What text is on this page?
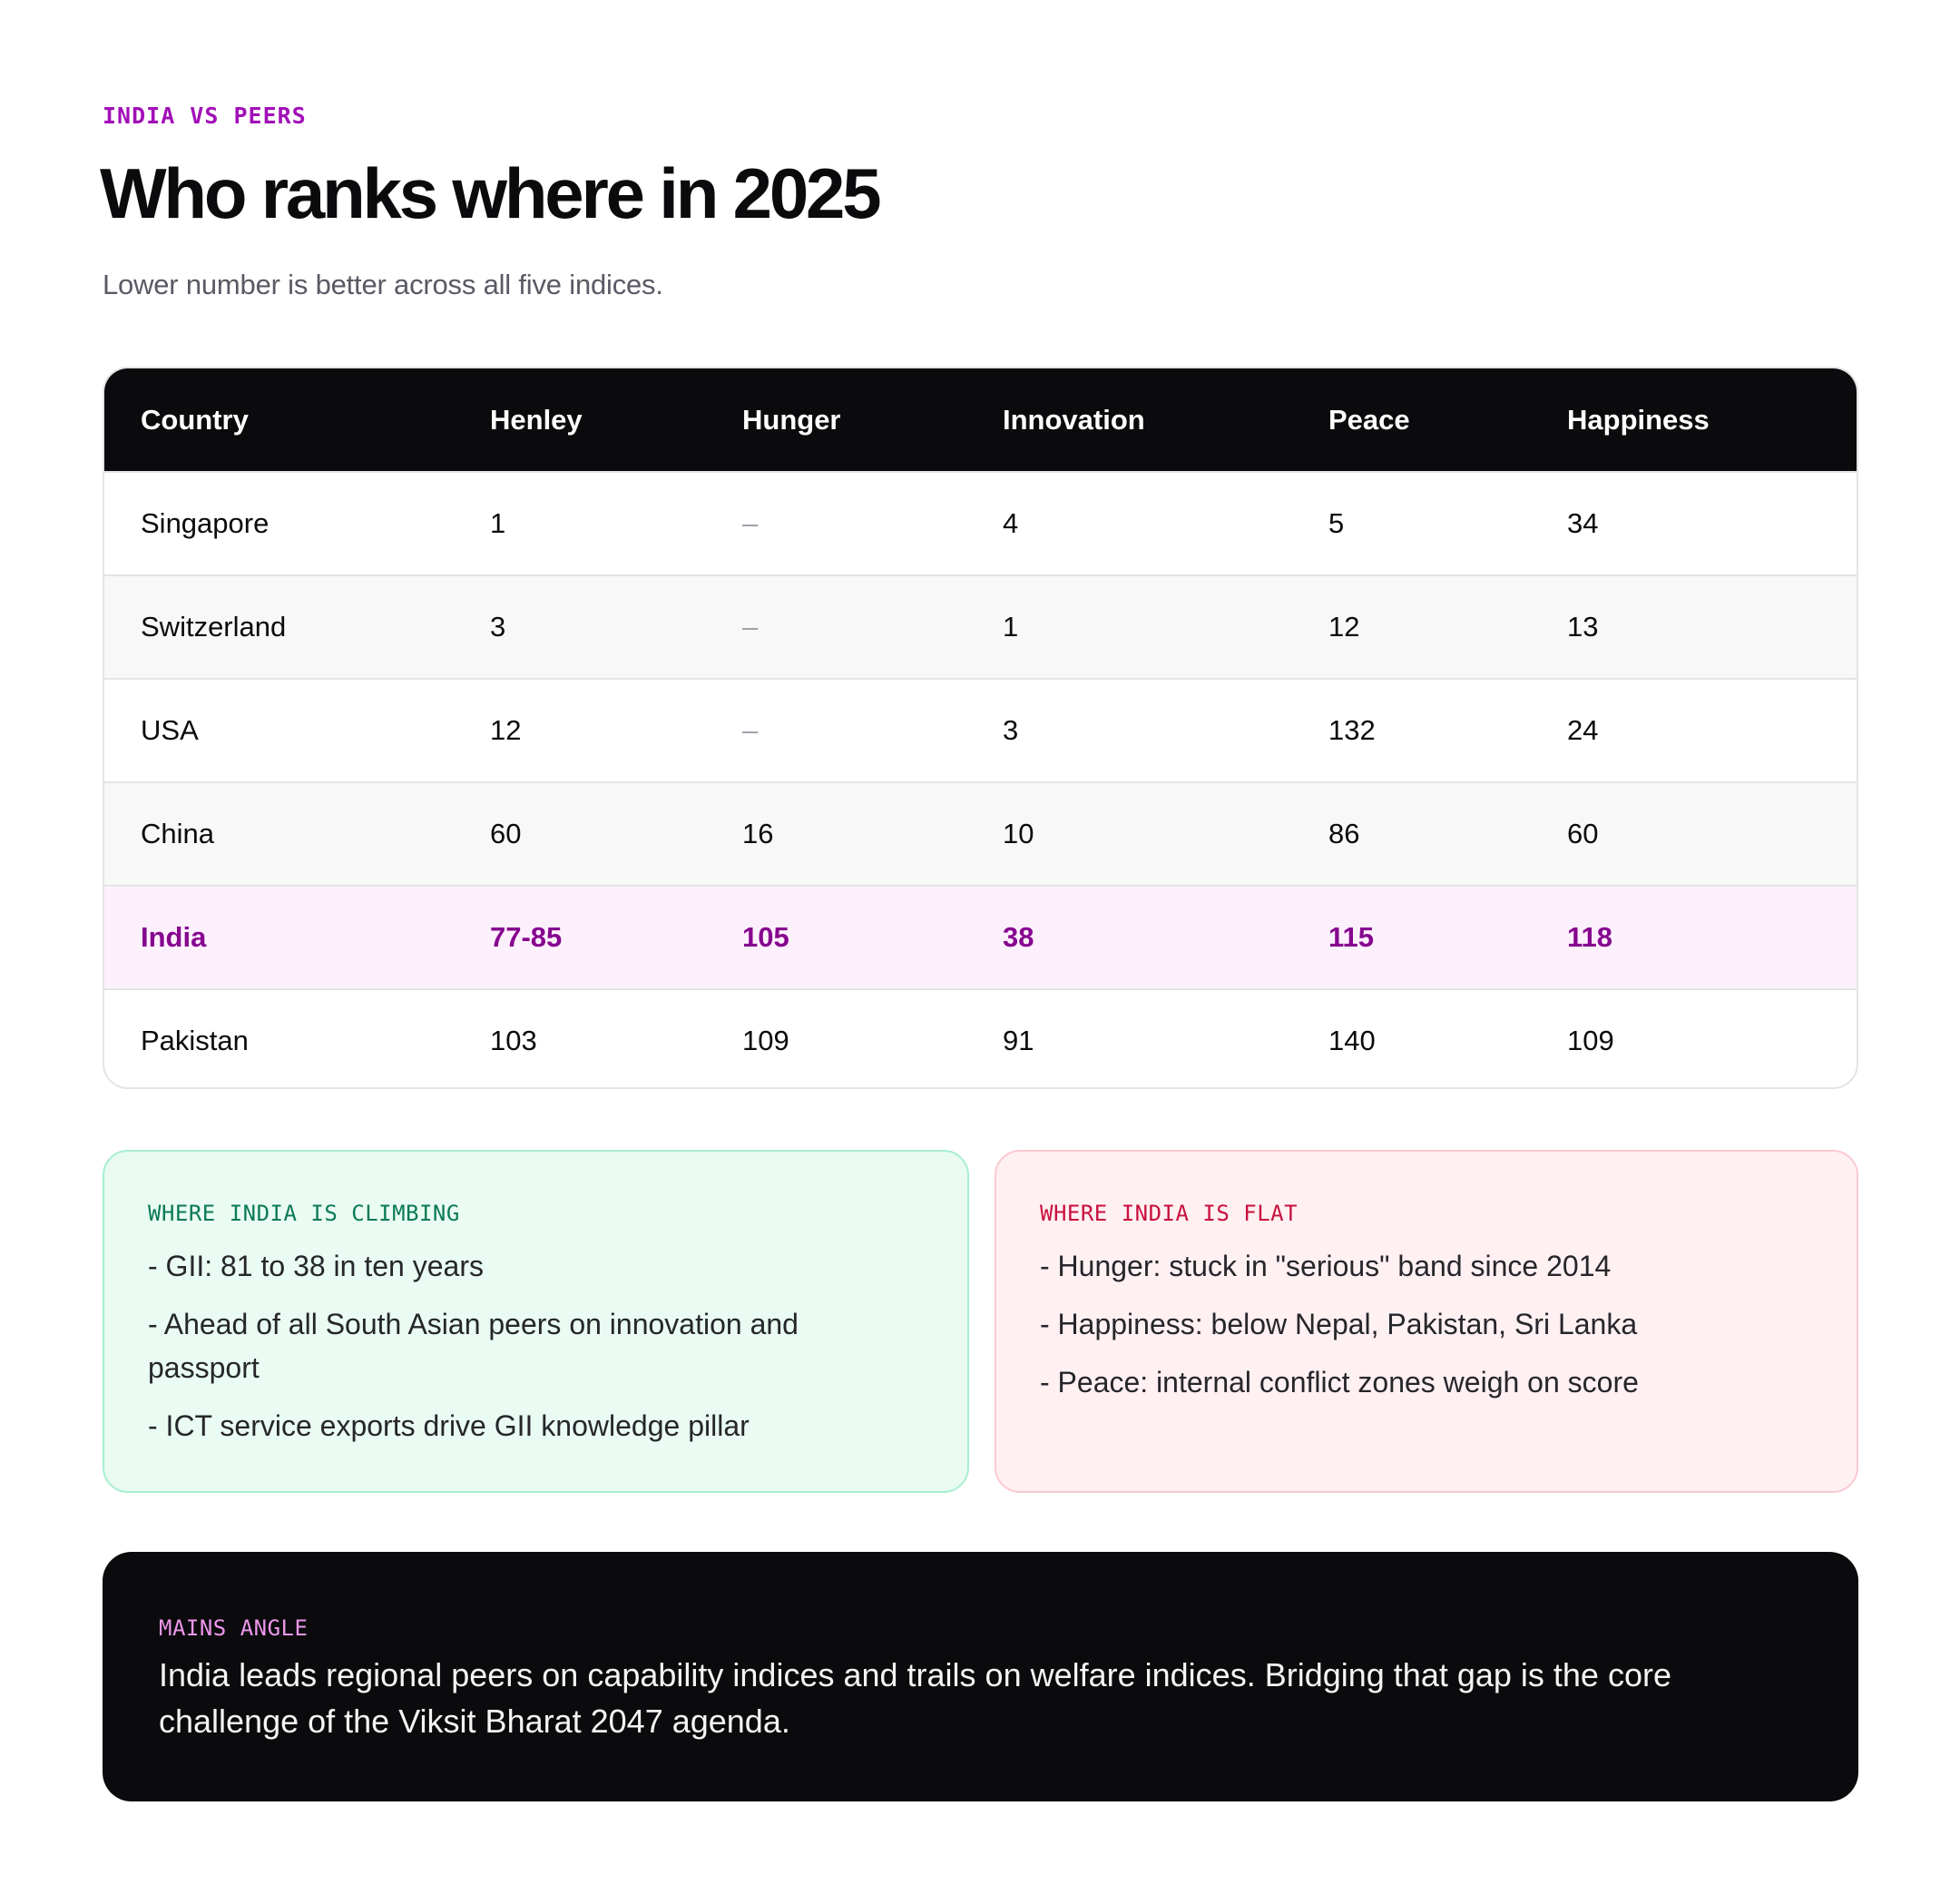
INDIA VS PEERS
Who ranks where in 2025
Lower number is better across all five indices.
Country	Henley	Hunger	Innovation	Peace	Happiness
Singapore	1	–	4	5	34
Switzerland	3	–	1	12	13
USA	12	–	3	132	24
China	60	16	10	86	60
India	77-85	105	38	115	118
Pakistan	103	109	91	140	109
WHERE INDIA IS CLIMBING
- GII: 81 to 38 in ten years
- Ahead of all South Asian peers on innovation and passport
- ICT service exports drive GII knowledge pillar
WHERE INDIA IS FLAT
- Hunger: stuck in "serious" band since 2014
- Happiness: below Nepal, Pakistan, Sri Lanka
- Peace: internal conflict zones weigh on score
MAINS ANGLE
India leads regional peers on capability indices and trails on welfare indices. Bridging that gap is the core challenge of the Viksit Bharat 2047 agenda.
